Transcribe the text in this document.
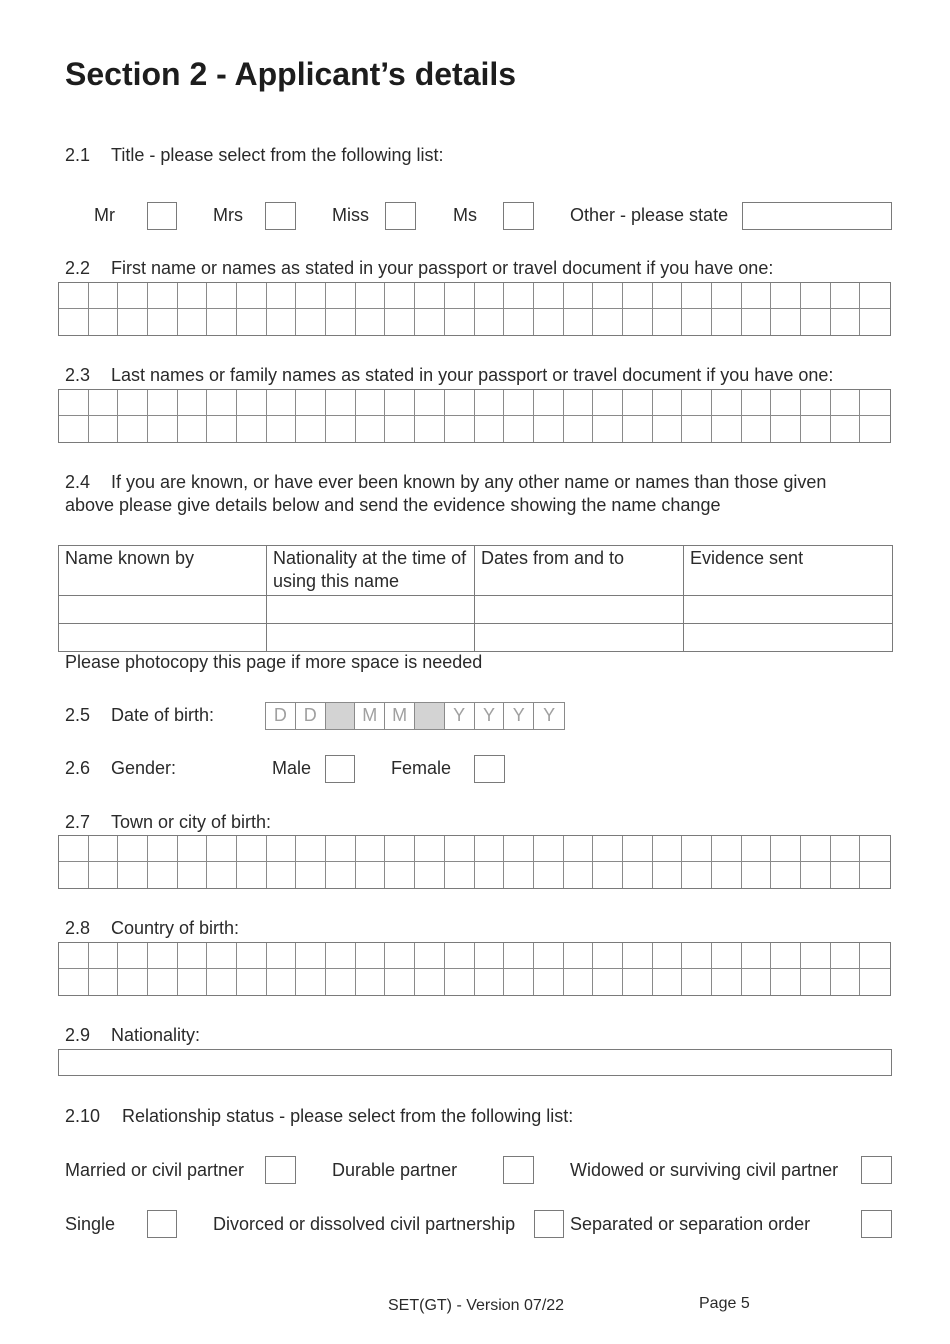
Section 2 - Applicant’s details
2.1 Title - please select from the following list:
Mr	Mrs	Miss	Ms	Other - please state
2.2 First name or names as stated in your passport or travel document if you have one:
2.3 Last names or family names as stated in your passport or travel document if you have one:
2.4 If you are known, or have ever been known by any other name or names than those given
above please give details below and send the evidence showing the name change
Name known by	Nationality at the time of using this name	Dates from and to	Evidence sent

Please photocopy this page if more space is needed
2.5 Date of birth:	D D	M M	Y Y Y	Y
2.6 Gender:	Male	Female
2.7 Town or city of birth:
2.8 Country of birth:
2.9 Nationality:
2.10 Relationship status - please select from the following list:
Married or civil partner	Durable partner	Widowed or surviving civil partner
Single	Divorced or dissolved civil partnership	Separated or separation order
SET(GT) - Version 07/22	Page 5
